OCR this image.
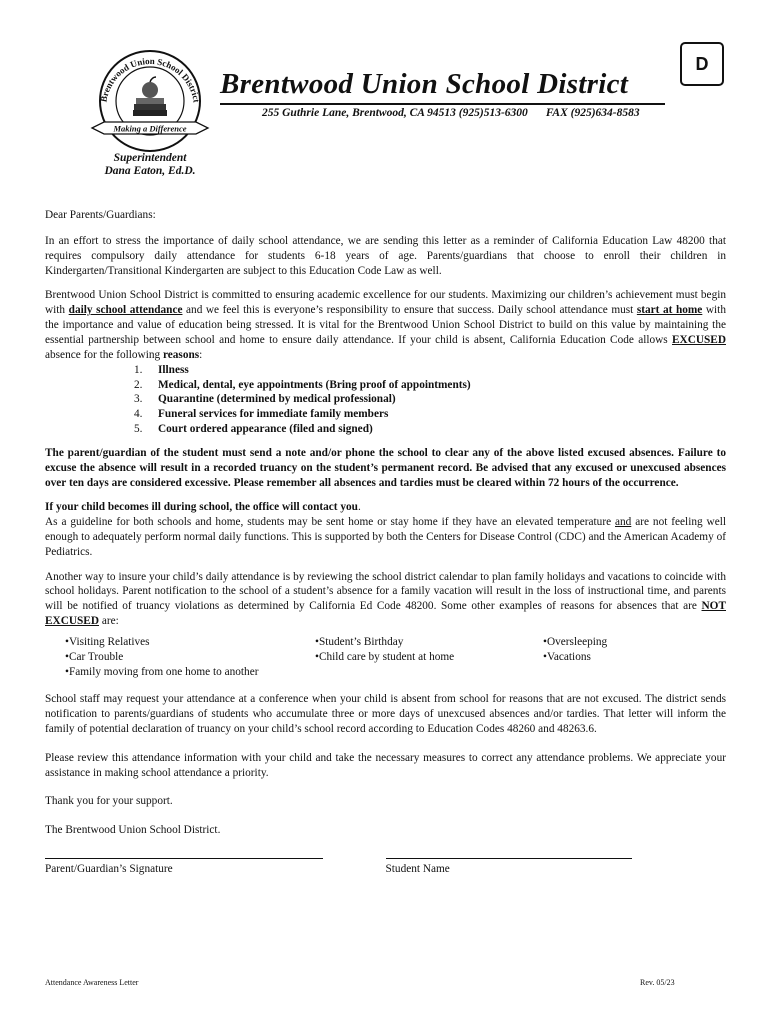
Brentwood Union School District
Making a Difference
Brentwood Union School District
255 Guthrie Lane, Brentwood, CA 94513 (925)513-6300 FAX (925)634-8583
D
Superintendent
Dana Eaton, Ed.D.

Dear Parents/Guardians:

In an effort to stress the importance of daily school attendance, we are sending this letter as a reminder of California Education Law 48200 that requires compulsory daily attendance for students 6-18 years of age. Parents/guardians that choose to enroll their children in Kindergarten/Transitional Kindergarten are subject to this Education Code Law as well.

Brentwood Union School District is committed to ensuring academic excellence for our students. Maximizing our children’s achievement must begin with daily school attendance and we feel this is everyone’s responsibility to ensure that success. Daily school attendance must start at home with the importance and value of education being stressed. It is vital for the Brentwood Union School District to build on this value by maintaining the essential partnership between school and home to ensure daily attendance. If your child is absent, California Education Code allows EXCUSED absence for the following reasons:

1.	Illness
2.	Medical, dental, eye appointments (Bring proof of appointments)
3.	Quarantine (determined by medical professional)
4.	Funeral services for immediate family members
5.	Court ordered appearance (filed and signed)

The parent/guardian of the student must send a note and/or phone the school to clear any of the above listed excused absences. Failure to excuse the absence will result in a recorded truancy on the student’s permanent record. Be advised that any excused or unexcused absences over ten days are considered excessive. Please remember all absences and tardies must be cleared within 72 hours of the occurrence.

If your child becomes ill during school, the office will contact you.
As a guideline for both schools and home, students may be sent home or stay home if they have an elevated temperature and are not feeling well enough to adequately perform normal daily functions. This is supported by both the Centers for Disease Control (CDC) and the American Academy of Pediatrics.

Another way to insure your child’s daily attendance is by reviewing the school district calendar to plan family holidays and vacations to coincide with school holidays. Parent notification to the school of a student’s absence for a family vacation will result in the loss of instructional time, and parents will be notified of truancy violations as determined by California Ed Code 48200. Some other examples of reasons for absences that are NOT EXCUSED are:

• Visiting Relatives
• Car Trouble
• Family moving from one home to another
• Student’s Birthday
• Child care by student at home
• Oversleeping
• Vacations

School staff may request your attendance at a conference when your child is absent from school for reasons that are not excused. The district sends notification to parents/guardians of students who accumulate three or more days of unexcused absences and/or tardies. That letter will inform the family of potential declaration of truancy on your child’s school record according to Education Codes 48260 and 48263.6.

Please review this attendance information with your child and take the necessary measures to correct any attendance problems. We appreciate your assistance in making school attendance a priority.

Thank you for your support.

The Brentwood Union School District.

Parent/Guardian’s Signature	Student Name
Attendance Awareness Letter	Rev. 05/23
